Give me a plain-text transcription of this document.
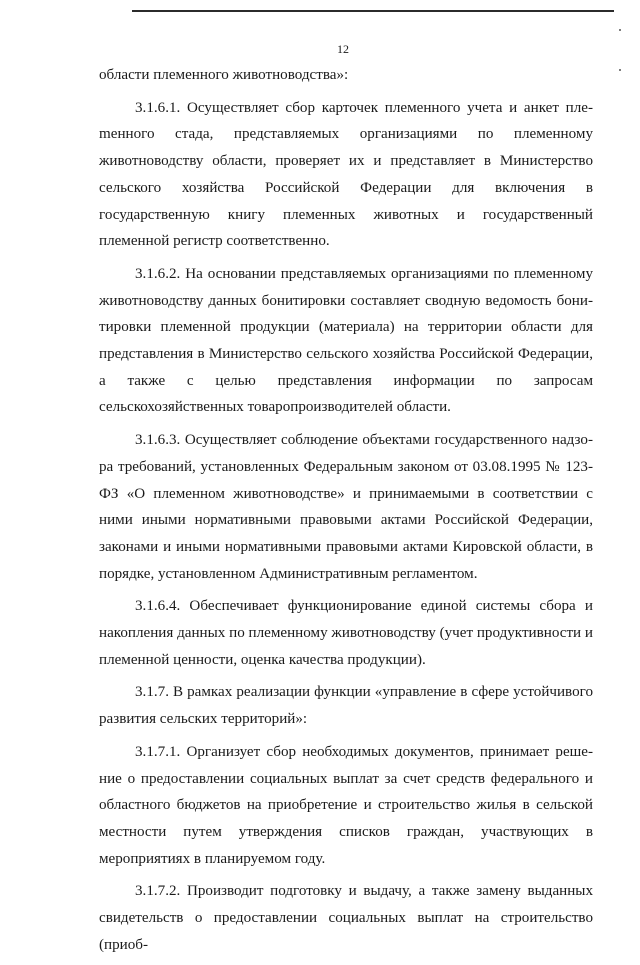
12

области племенного животноводства»:

3.1.6.1. Осуществляет сбор карточек племенного учета и анкет плеmенного стада, представляемых организациями по племенному животноводству области, проверяет их и представляет в Министерство сельского хозяйства Российской Федерации для включения в государственную книгу племенных животных и государственный племенной регистр соответственно.

3.1.6.2. На основании представляемых организациями по племенному животноводству данных бонитировки составляет сводную ведомость бонитировки племенной продукции (материала) на территории области для представления в Министерство сельского хозяйства Российской Федерации, а также с целью представления информации по запросам сельскохозяйственных товаропроизводителей области.

3.1.6.3. Осуществляет соблюдение объектами государственного надзора требований, установленных Федеральным законом от 03.08.1995 № 123-ФЗ «О племенном животноводстве» и принимаемыми в соответствии с ними иными нормативными правовыми актами Российской Федерации, законами и иными нормативными правовыми актами Кировской области, в порядке, установленном Административным регламентом.

3.1.6.4. Обеспечивает функционирование единой системы сбора и накопления данных по племенному животноводству (учет продуктивности и племенной ценности, оценка качества продукции).

3.1.7. В рамках реализации функции «управление в сфере устойчивого развития сельских территорий»:

3.1.7.1. Организует сбор необходимых документов, принимает решение о предоставлении социальных выплат за счет средств федерального и областного бюджетов на приобретение и строительство жилья в сельской местности путем утверждения списков граждан, участвующих в мероприятиях в планируемом году.

3.1.7.2. Производит подготовку и выдачу, а также замену выданных свидетельств о предоставлении социальных выплат на строительство (приоб-
